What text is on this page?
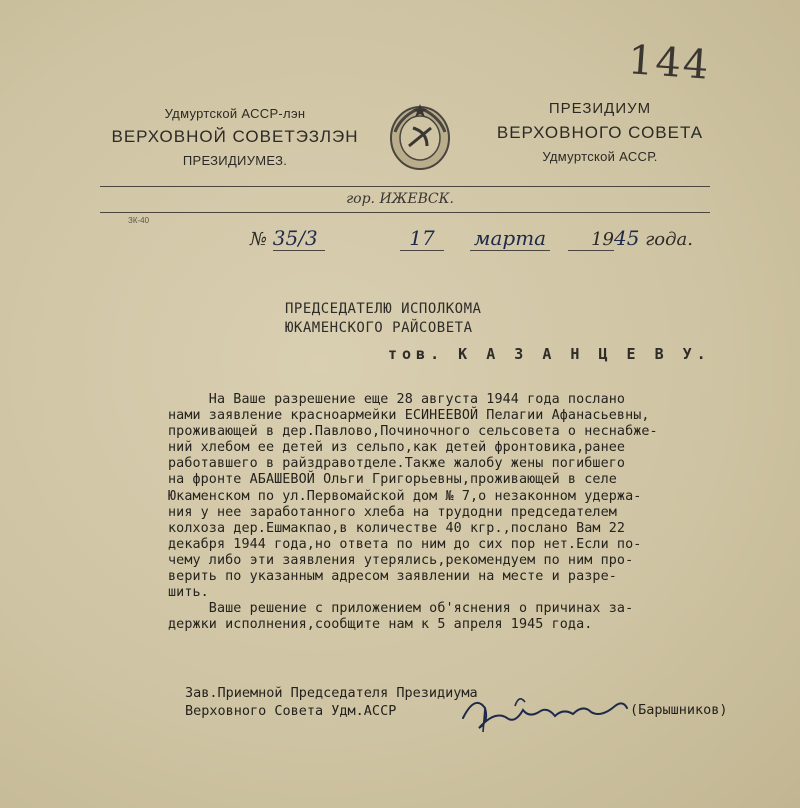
144
Удмуртской АССР-лэн
ВЕРХОВНОЙ СОВЕТЭЗЛЭН
ПРЕЗИДИУМЕЗ.
ПРЕЗИДИУМ
ВЕРХОВНОГО СОВЕТА
Удмуртской АССР.
гор. ИЖЕВСК.
ЗК-40
№ 35/3	17	марта	1945 года.
ПРЕДСЕДАТЕЛЮ ИСПОЛКОМА
ЮКАМЕНСКОГО РАЙСОВЕТА
тов. К А З А Н Ц Е В У.

На Ваше разрешение еще 28 августа 1944 года послано

нами заявление красноармейки ЕСИНЕЕВОЙ Пелагии Афанасьевны,

проживающей в дер.Павлово,Починочного сельсовета о неснабже-

ний хлебом ее детей из сельпо,как детей фронтовика,ранее

работавшего в райздравотделе.Также жалобу жены погибшего

на фронте АБАШЕВОЙ Ольги Григорьевны,проживающей в селе

Юкаменском по ул.Первомайской дом № 7,о незаконном удержа-

ния у нее заработанного хлеба на трудодни председателем

колхоза дер.Ешмакпао,в количестве 40 кгр.,послано Вам 22

декабря 1944 года,но ответа по ним до сих пор нет.Если по-

чему либо эти заявления утерялись,рекомендуем по ним про-

верить по указанным адресом заявлении на месте и разре-

шить.

Ваше решение с приложением об'яснения о причинах за-

держки исполнения,сообщите нам к 5 апреля 1945 года.

Зав.Приемной Председателя Президиума
Верховного Совета Удм.АССР	(Барышников)
